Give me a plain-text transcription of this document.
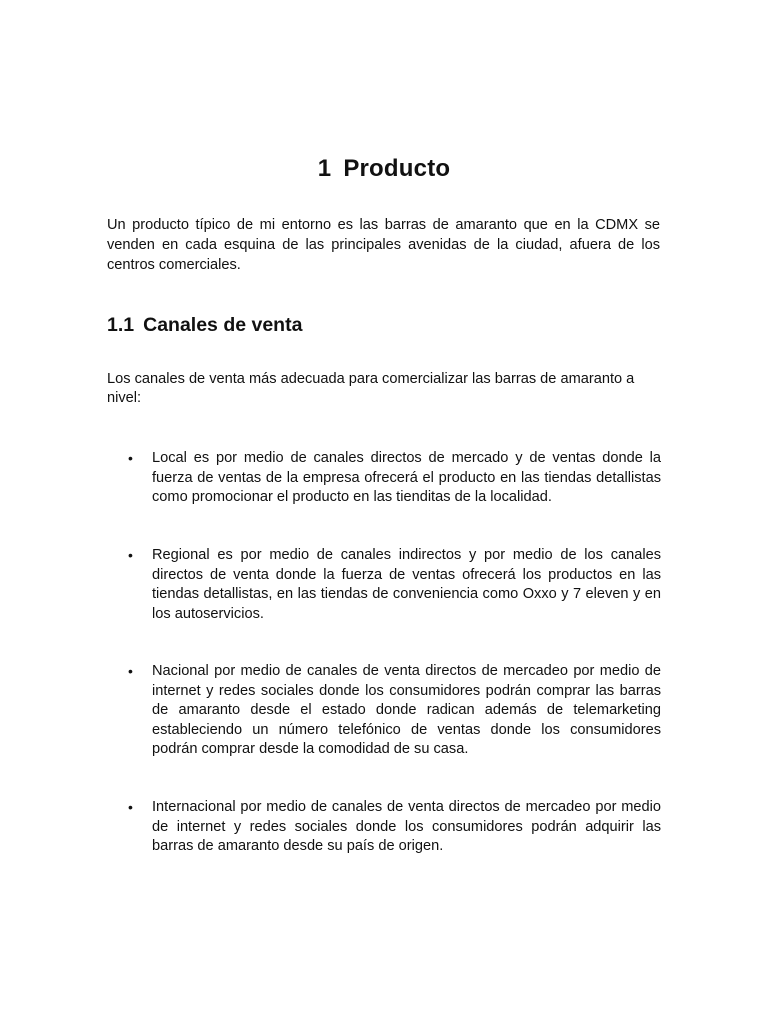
1 Producto

Un producto típico de mi entorno es las barras de amaranto que en la CDMX se venden en cada esquina de las principales avenidas de la ciudad, afuera de los centros comerciales.

1.1 Canales de venta

Los canales de venta más adecuada para comercializar las barras de amaranto a nivel:

• Local es por medio de canales directos de mercado y de ventas donde la fuerza de ventas de la empresa ofrecerá el producto en las tiendas detallistas como promocionar el producto en las tienditas de la localidad.
• Regional es por medio de canales indirectos y por medio de los canales directos de venta donde la fuerza de ventas ofrecerá los productos en las tiendas detallistas, en las tiendas de conveniencia como Oxxo y 7 eleven y en los autoservicios.
• Nacional por medio de canales de venta directos de mercadeo por medio de internet y redes sociales donde los consumidores podrán comprar las barras de amaranto desde el estado donde radican además de telemarketing estableciendo un número telefónico de ventas donde los consumidores podrán comprar desde la comodidad de su casa.
• Internacional por medio de canales de venta directos de mercadeo por medio de internet y redes sociales donde los consumidores podrán adquirir las barras de amaranto desde su país de origen.
